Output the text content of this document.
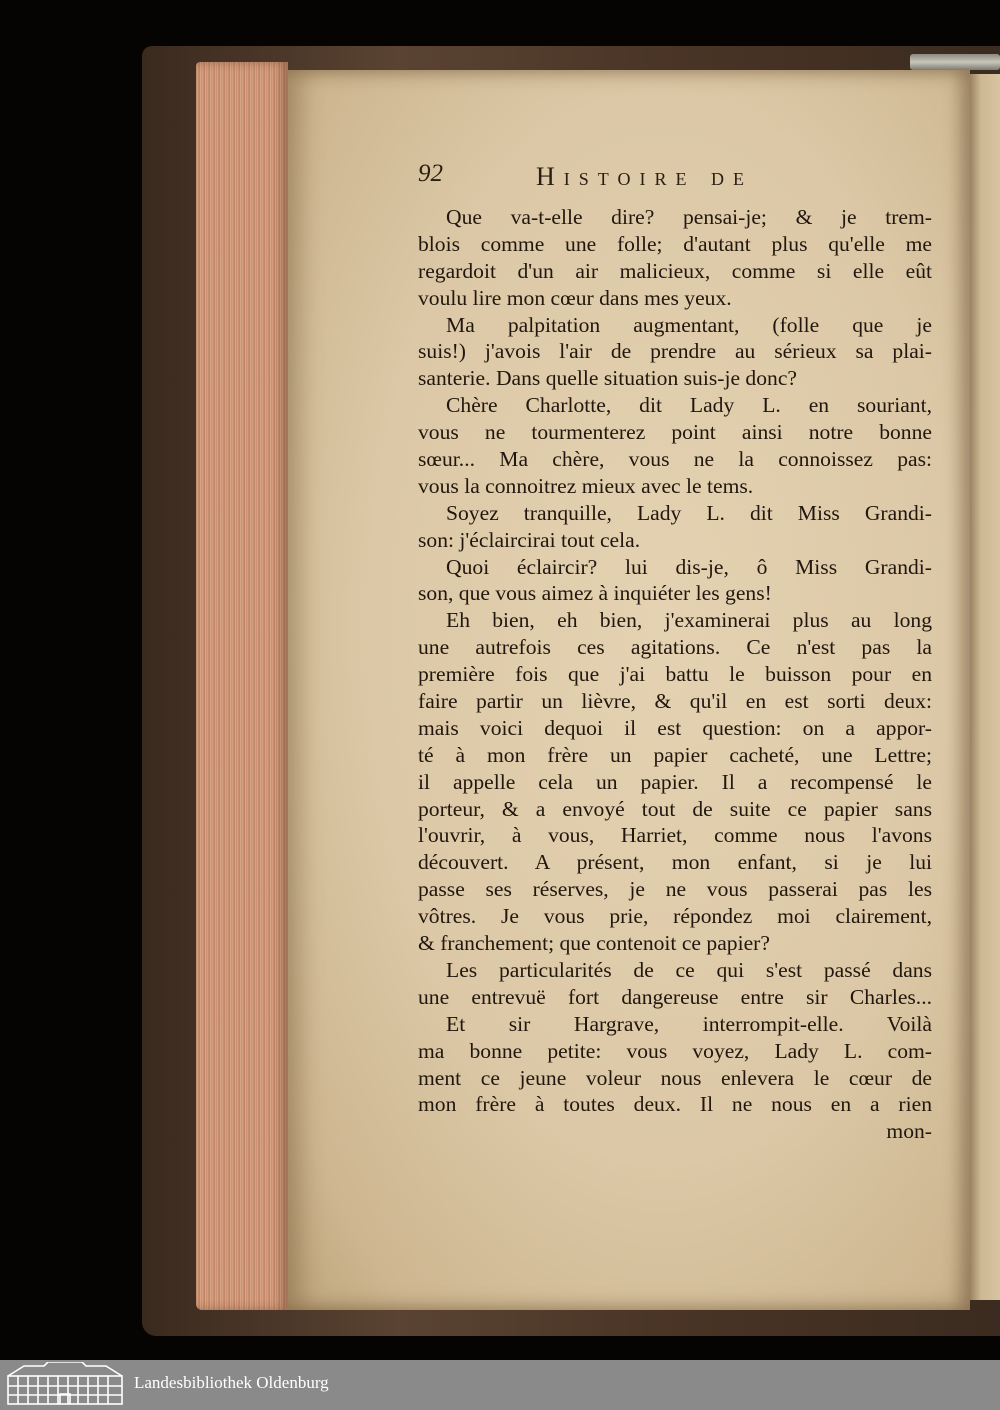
92	Histoire de
Que va-t-elle dire? pensai-je; & je trem-
blois comme une folle; d'autant plus qu'elle me
regardoit d'un air malicieux, comme si elle eût
voulu lire mon cœur dans mes yeux.
Ma palpitation augmentant, (folle que je
suis!) j'avois l'air de prendre au sérieux sa plai-
santerie. Dans quelle situation suis-je donc?
Chère Charlotte, dit Lady L. en souriant,
vous ne tourmenterez point ainsi notre bonne
sœur... Ma chère, vous ne la connoissez pas:
vous la connoitrez mieux avec le tems.
Soyez tranquille, Lady L. dit Miss Grandi-
son: j'éclaircirai tout cela.
Quoi éclaircir? lui dis-je, ô Miss Grandi-
son, que vous aimez à inquiéter les gens!
Eh bien, eh bien, j'examinerai plus au long
une autrefois ces agitations. Ce n'est pas la
première fois que j'ai battu le buisson pour en
faire partir un lièvre, & qu'il en est sorti deux:
mais voici dequoi il est question: on a appor-
té à mon frère un papier cacheté, une Lettre;
il appelle cela un papier. Il a recompensé le
porteur, & a envoyé tout de suite ce papier sans
l'ouvrir, à vous, Harriet, comme nous l'avons
découvert. A présent, mon enfant, si je lui
passe ses réserves, je ne vous passerai pas les
vôtres. Je vous prie, répondez moi clairement,
& franchement; que contenoit ce papier?
Les particularités de ce qui s'est passé dans
une entrevuë fort dangereuse entre sir Charles...
Et sir Hargrave, interrompit-elle. Voilà
ma bonne petite: vous voyez, Lady L. com-
ment ce jeune voleur nous enlevera le cœur de
mon frère à toutes deux. Il ne nous en a rien
mon-
Landesbibliothek Oldenburg
